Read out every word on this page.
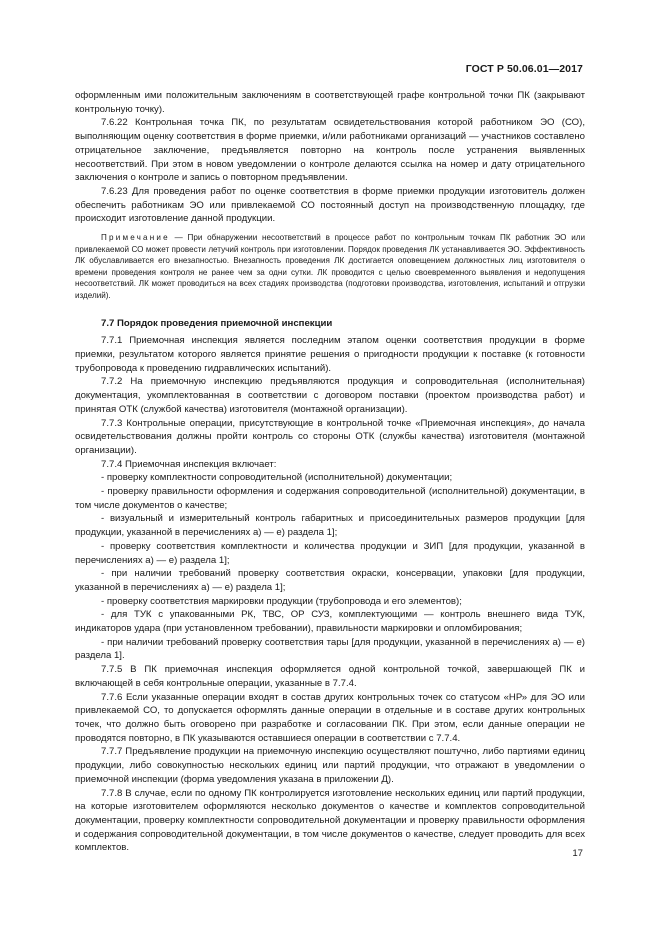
ГОСТ Р 50.06.01—2017

оформленным ими положительным заключениям в соответствующей графе контрольной точки ПК (закрывают контрольную точку).

7.6.22 Контрольная точка ПК, по результатам освидетельствования которой работником ЭО (СО), выполняющим оценку соответствия в форме приемки, и/или работниками организаций — участников составлено отрицательное заключение, предъявляется повторно на контроль после устранения выявленных несоответствий. При этом в новом уведомлении о контроле делаются ссылка на номер и дату отрицательного заключения о контроле и запись о повторном предъявлении.

7.6.23 Для проведения работ по оценке соответствия в форме приемки продукции изготовитель должен обеспечить работникам ЭО или привлекаемой СО постоянный доступ на производственную площадку, где происходит изготовление данной продукции.

Примечание — При обнаружении несоответствий в процессе работ по контрольным точкам ПК работник ЭО или привлекаемой СО может провести летучий контроль при изготовлении. Порядок проведения ЛК устанавливается ЭО. Эффективность ЛК обуславливается его внезапностью. Внезапность проведения ЛК достигается оповещением должностных лиц изготовителя о времени проведения контроля не ранее чем за одни сутки. ЛК проводится с целью своевременного выявления и недопущения несоответствий. ЛК может проводиться на всех стадиях производства (подготовки производства, изготовления, испытаний и отгрузки изделий).

7.7 Порядок проведения приемочной инспекции

7.7.1 Приемочная инспекция является последним этапом оценки соответствия продукции в форме приемки, результатом которого является принятие решения о пригодности продукции к поставке (к готовности трубопровода к проведению гидравлических испытаний).

7.7.2 На приемочную инспекцию предъявляются продукция и сопроводительная (исполнительная) документация, укомплектованная в соответствии с договором поставки (проектом производства работ) и принятая ОТК (службой качества) изготовителя (монтажной организации).

7.7.3 Контрольные операции, присутствующие в контрольной точке «Приемочная инспекция», до начала освидетельствования должны пройти контроль со стороны ОТК (службы качества) изготовителя (монтажной организации).

7.7.4 Приемочная инспекция включает:

- проверку комплектности сопроводительной (исполнительной) документации;

- проверку правильности оформления и содержания сопроводительной (исполнительной) документации, в том числе документов о качестве;

- визуальный и измерительный контроль габаритных и присоединительных размеров продукции [для продукции, указанной в перечислениях а) — е) раздела 1];

- проверку соответствия комплектности и количества продукции и ЗИП [для продукции, указанной в перечислениях а) — е) раздела 1];

- при наличии требований проверку соответствия окраски, консервации, упаковки [для продукции, указанной в перечислениях а) — е) раздела 1];

- проверку соответствия маркировки продукции (трубопровода и его элементов);

- для ТУК с упакованными РК, ТВС, ОР СУЗ, комплектующими — контроль внешнего вида ТУК, индикаторов удара (при установленном требовании), правильности маркировки и опломбирования;

- при наличии требований проверку соответствия тары [для продукции, указанной в перечислениях а) — е) раздела 1].

7.7.5 В ПК приемочная инспекция оформляется одной контрольной точкой, завершающей ПК и включающей в себя контрольные операции, указанные в 7.7.4.

7.7.6 Если указанные операции входят в состав других контрольных точек со статусом «НР» для ЭО или привлекаемой СО, то допускается оформлять данные операции в отдельные и в составе других контрольных точек, что должно быть оговорено при разработке и согласовании ПК. При этом, если данные операции не проводятся повторно, в ПК указываются оставшиеся операции в соответствии с 7.7.4.

7.7.7 Предъявление продукции на приемочную инспекцию осуществляют поштучно, либо партиями единиц продукции, либо совокупностью нескольких единиц или партий продукции, что отражают в уведомлении о приемочной инспекции (форма уведомления указана в приложении Д).

7.7.8 В случае, если по одному ПК контролируется изготовление нескольких единиц или партий продукции, на которые изготовителем оформляются несколько документов о качестве и комплектов сопроводительной документации, проверку комплектности сопроводительной документации и проверку правильности оформления и содержания сопроводительной документации, в том числе документов о качестве, следует проводить для всех комплектов.

17
